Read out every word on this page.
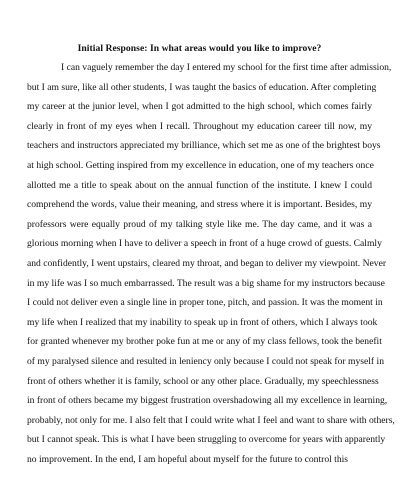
Initial Response: In what areas would you like to improve?
I can vaguely remember the day I entered my school for the first time after admission,
but I am sure, like all other students, I was taught the basics of education. After completing
my career at the junior level, when I got admitted to the high school, which comes fairly
clearly in front of my eyes when I recall. Throughout my education career till now, my
teachers and instructors appreciated my brilliance, which set me as one of the brightest boys
at high school. Getting inspired from my excellence in education, one of my teachers once
allotted me a title to speak about on the annual function of the institute. I knew I could
comprehend the words, value their meaning, and stress where it is important. Besides, my
professors were equally proud of my talking style like me. The day came, and it was a
glorious morning when I have to deliver a speech in front of a huge crowd of guests. Calmly
and confidently, I went upstairs, cleared my throat, and began to deliver my viewpoint. Never
in my life was I so much embarrassed. The result was a big shame for my instructors because
I could not deliver even a single line in proper tone, pitch, and passion. It was the moment in
my life when I realized that my inability to speak up in front of others, which I always took
for granted whenever my brother poke fun at me or any of my class fellows, took the benefit
of my paralysed silence and resulted in leniency only because I could not speak for myself in
front of others whether it is family, school or any other place. Gradually, my speechlessness
in front of others became my biggest frustration overshadowing all my excellence in learning,
probably, not only for me. I also felt that I could write what I feel and want to share with others,
but I cannot speak. This is what I have been struggling to overcome for years with apparently
no improvement. In the end, I am hopeful about myself for the future to control this
